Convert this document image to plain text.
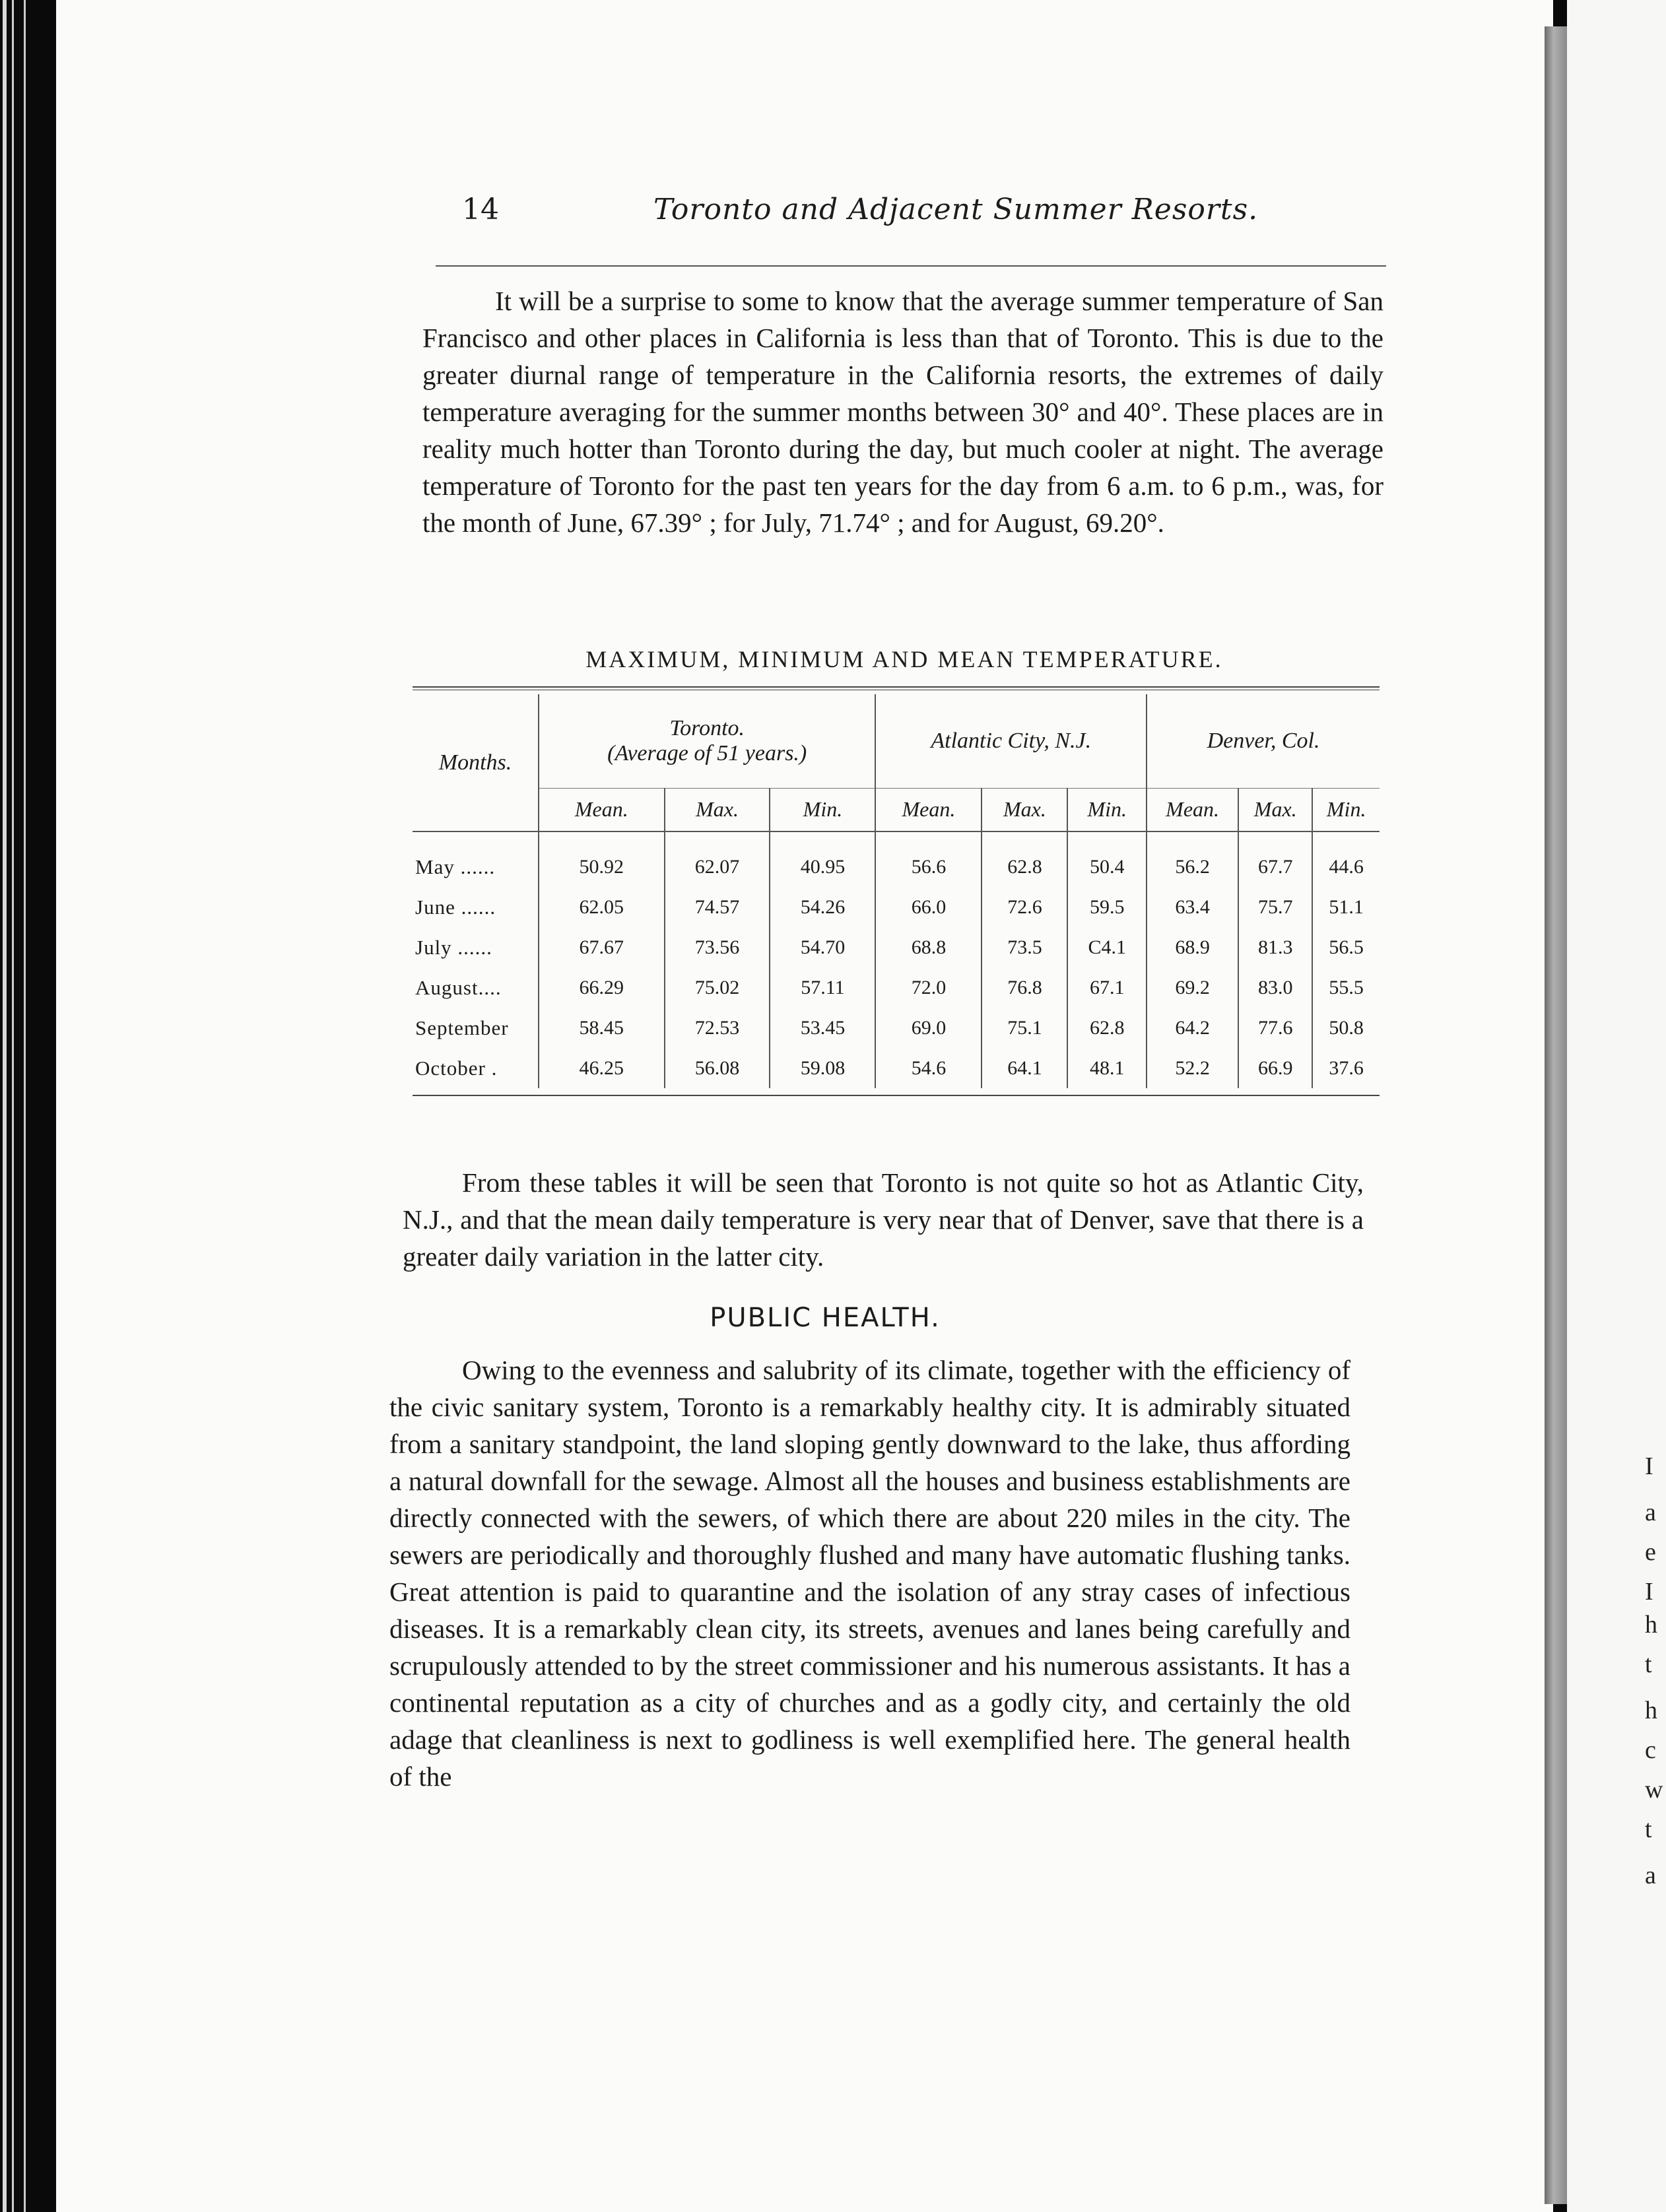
I
a
e
I
h
t
h
c
w
t
a
14	Toronto and Adjacent Summer Resorts.
It will be a surprise to some to know that the average summer temperature of San Francisco and other places in California is less than that of Toronto. This is due to the greater diurnal range of temperature in the California resorts, the extremes of daily temperature averaging for the summer months between 30° and 40°. These places are in reality much hotter than Toronto during the day, but much cooler at night. The average temperature of Toronto for the past ten years for the day from 6 a.m. to 6 p.m., was, for the month of June, 67.39° ; for July, 71.74° ; and for August, 69.20°.
MAXIMUM, MINIMUM AND MEAN TEMPERATURE.
Months.	Toronto.
(Average of 51 years.)			Atlantic City, N.J.			Denver, Col.		

	Mean.	Max.	Min.	Mean.	Max.	Min.	Mean.	Max.	Min.
May ......	50.92	62.07	40.95	56.6	62.8	50.4	56.2	67.7	44.6
June ......	62.05	74.57	54.26	66.0	72.6	59.5	63.4	75.7	51.1
July ......	67.67	73.56	54.70	68.8	73.5	C4.1	68.9	81.3	56.5
August....	66.29	75.02	57.11	72.0	76.8	67.1	69.2	83.0	55.5
September	58.45	72.53	53.45	69.0	75.1	62.8	64.2	77.6	50.8
October .	46.25	56.08	59.08	54.6	64.1	48.1	52.2	66.9	37.6
From these tables it will be seen that Toronto is not quite so hot as Atlantic City, N.J., and that the mean daily temperature is very near that of Denver, save that there is a greater daily variation in the latter city.
PUBLIC HEALTH.
Owing to the evenness and salubrity of its climate, together with the efficiency of the civic sanitary system, Toronto is a remarkably healthy city. It is admirably situated from a sanitary standpoint, the land sloping gently downward to the lake, thus affording a natural downfall for the sewage. Almost all the houses and business establishments are directly connected with the sewers, of which there are about 220 miles in the city. The sewers are periodically and thoroughly flushed and many have automatic flushing tanks. Great attention is paid to quarantine and the isolation of any stray cases of infectious diseases. It is a remarkably clean city, its streets, avenues and lanes being carefully and scrupulously attended to by the street commissioner and his numerous assistants. It has a continental reputation as a city of churches and as a godly city, and certainly the old adage that cleanliness is next to godliness is well exemplified here. The general health of the
